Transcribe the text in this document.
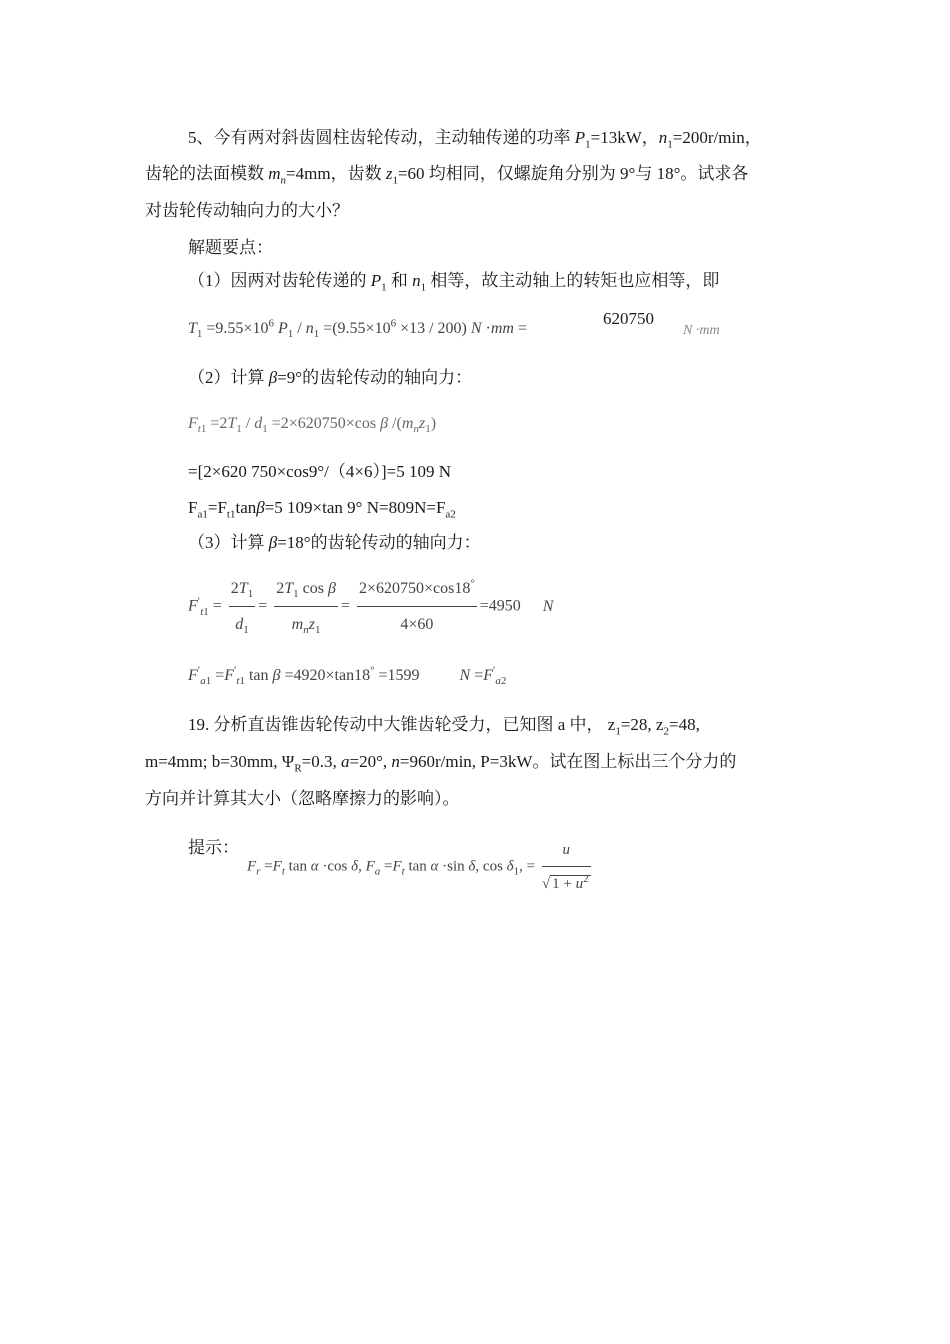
5、今有两对斜齿圆柱齿轮传动，主动轴传递的功率 $P_1=13kW$，$n_1=200r/\min$，
齿轮的法面模数 $m_n=4mm$，齿数 $z_1=60$ 均相同，仅螺旋角分别为 9°与 18°。试求各
对齿轮传动轴向力的大小？
解题要点：
（1）因两对齿轮传递的 $P_1$ 和 $n_1$ 相等，故主动轴上的转矩也应相等，即
$T_1 =9.55\times 10^6$ $P_1 / n_1 =(9.55\times 10^6 \times 13 / 200)$ N ·mm =
620750
N ·mm
（2）计算 β=9°的齿轮传动的轴向力：
$F_{t1} =2T_1 / d_1 =2\times 620750\times\cos$ β $/(m_nz_1)$
=[2×620 750×cos9°/（4×6）]=5 109 N
$F_{a1}=F_{t1}\tan\beta=5$ 109×tan 9° $N=809N=F_{a2}$
（3）计算 β=18°的齿轮传动的轴向力：
$F'_{t1} = \frac{2T_1}{d_1} = \frac{2T_1 \cos \beta}{m_nz_1} = \frac{2\times 620750\times\cos 18^\circ}{4\times 60} =4950$ N
$F'_{a1} =F'_{t1}$ tan β =4920×tan18° =1599	$N =F'_{a2}$
19. 分析直齿锥齿轮传动中大锥齿轮受力，已知图 a 中， $z_1=28$, $z_2=48$,
m=4mm; b=30mm, $\Psi_R=0.3$, a=20°, n=960r/min, P=3kW。试在图上标出三个分力的
方向并计算其大小（忽略摩擦力的影响）。
提示：
$F_r =F_t$ tan α ·cos δ, $F_a =F_t$ tan α ·sin δ, $\cos \delta_1$, = $\frac{u}{√ 1 + u^2}$
